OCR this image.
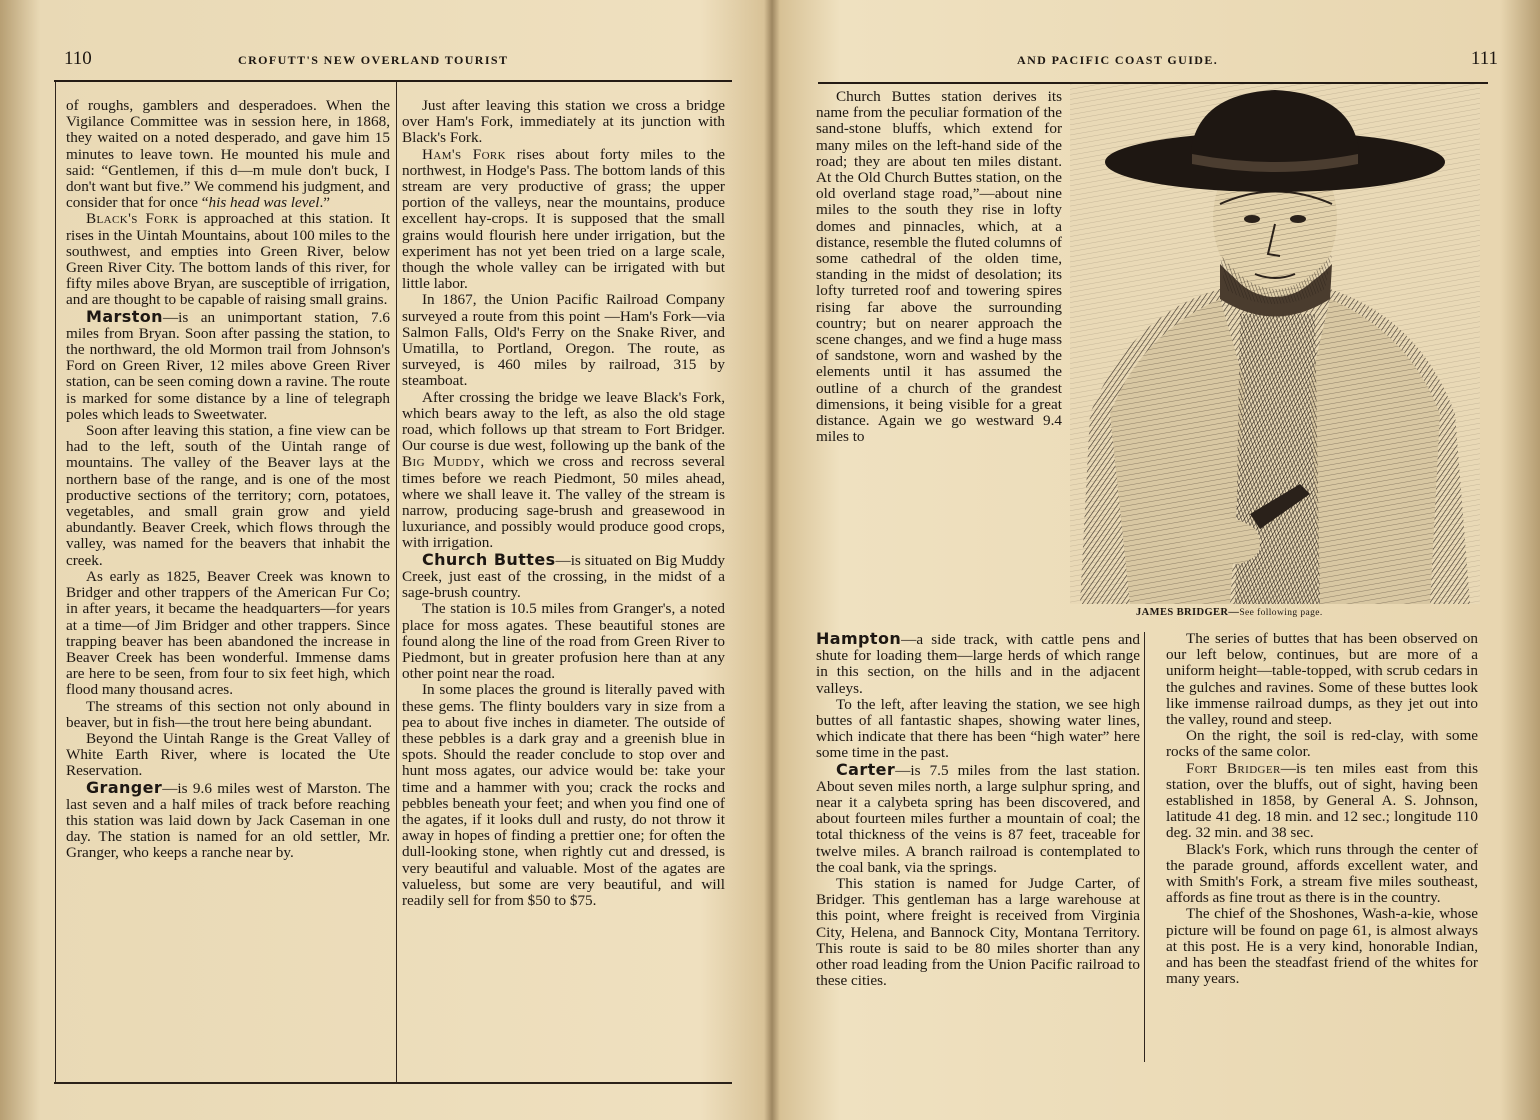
110	CROFUTT'S NEW OVERLAND TOURIST

of roughs, gamblers and desperadoes. When the Vigilance Committee was in session here, in 1868, they waited on a noted desperado, and gave him 15 minutes to leave town. He mounted his mule and said: “Gentlemen, if this d—m mule don't buck, I don't want but five.” We commend his judgment, and consider that for once “his head was level.”

Black's Fork is approached at this station. It rises in the Uintah Mountains, about 100 miles to the southwest, and empties into Green River, below Green River City. The bottom lands of this river, for fifty miles above Bryan, are susceptible of irrigation, and are thought to be capable of raising small grains.

Marston—is an unimportant station, 7.6 miles from Bryan. Soon after passing the station, to the northward, the old Mormon trail from Johnson's Ford on Green River, 12 miles above Green River station, can be seen coming down a ravine. The route is marked for some distance by a line of telegraph poles which leads to Sweetwater.

Soon after leaving this station, a fine view can be had to the left, south of the Uintah range of mountains. The valley of the Beaver lays at the northern base of the range, and is one of the most productive sections of the territory; corn, potatoes, vegetables, and small grain grow and yield abundantly. Beaver Creek, which flows through the valley, was named for the beavers that inhabit the creek.

As early as 1825, Beaver Creek was known to Bridger and other trappers of the American Fur Co; in after years, it became the headquarters—for years at a time—of Jim Bridger and other trappers. Since trapping beaver has been abandoned the increase in Beaver Creek has been wonderful. Immense dams are here to be seen, from four to six feet high, which flood many thousand acres.

The streams of this section not only abound in beaver, but in fish—the trout here being abundant.

Beyond the Uintah Range is the Great Valley of White Earth River, where is located the Ute Reservation.

Granger—is 9.6 miles west of Marston. The last seven and a half miles of track before reaching this station was laid down by Jack Caseman in one day. The station is named for an old settler, Mr. Granger, who keeps a ranche near by.

Just after leaving this station we cross a bridge over Ham's Fork, immediately at its junction with Black's Fork.

Ham's Fork rises about forty miles to the northwest, in Hodge's Pass. The bottom lands of this stream are very productive of grass; the upper portion of the valleys, near the mountains, produce excellent hay-crops. It is supposed that the small grains would flourish here under irrigation, but the experiment has not yet been tried on a large scale, though the whole valley can be irrigated with but little labor.

In 1867, the Union Pacific Railroad Company surveyed a route from this point —Ham's Fork—via Salmon Falls, Old's Ferry on the Snake River, and Umatilla, to Portland, Oregon. The route, as surveyed, is 460 miles by railroad, 315 by steamboat.

After crossing the bridge we leave Black's Fork, which bears away to the left, as also the old stage road, which follows up that stream to Fort Bridger. Our course is due west, following up the bank of the Big Muddy, which we cross and recross several times before we reach Piedmont, 50 miles ahead, where we shall leave it. The valley of the stream is narrow, producing sage-brush and greasewood in luxuriance, and possibly would produce good crops, with irrigation.

Church Buttes—is situated on Big Muddy Creek, just east of the crossing, in the midst of a sage-brush country.

The station is 10.5 miles from Granger's, a noted place for moss agates. These beautiful stones are found along the line of the road from Green River to Piedmont, but in greater profusion here than at any other point near the road.

In some places the ground is literally paved with these gems. The flinty boulders vary in size from a pea to about five inches in diameter. The outside of these pebbles is a dark gray and a greenish blue in spots. Should the reader conclude to stop over and hunt moss agates, our advice would be: take your time and a hammer with you; crack the rocks and pebbles beneath your feet; and when you find one of the agates, if it looks dull and rusty, do not throw it away in hopes of finding a prettier one; for often the dull-looking stone, when rightly cut and dressed, is very beautiful and valuable. Most of the agates are valueless, but some are very beautiful, and will readily sell for from $50 to $75.

AND PACIFIC COAST GUIDE.	111

Church Buttes station derives its name from the peculiar formation of the sand-stone bluffs, which extend for many miles on the left-hand side of the road; they are about ten miles distant. At the Old Church Buttes station, on the old overland stage road,”—about nine miles to the south they rise in lofty domes and pinnacles, which, at a distance, resemble the fluted columns of some cathedral of the olden time, standing in the midst of desolation; its lofty turreted roof and towering spires rising far above the surrounding country; but on nearer approach the scene changes, and we find a huge mass of sandstone, worn and washed by the elements until it has assumed the outline of a church of the grandest dimensions, it being visible for a great distance. Again we go westward 9.4 miles to

JAMES BRIDGER—See following page.

Hampton—a side track, with cattle pens and shute for loading them—large herds of which range in this section, on the hills and in the adjacent valleys.

To the left, after leaving the station, we see high buttes of all fantastic shapes, showing water lines, which indicate that there has been “high water” here some time in the past.

Carter—is 7.5 miles from the last station. About seven miles north, a large sulphur spring, and near it a calybeta spring has been discovered, and about fourteen miles further a mountain of coal; the total thickness of the veins is 87 feet, traceable for twelve miles. A branch railroad is contemplated to the coal bank, via the springs.

This station is named for Judge Carter, of Bridger. This gentleman has a large warehouse at this point, where freight is received from Virginia City, Helena, and Bannock City, Montana Territory. This route is said to be 80 miles shorter than any other road leading from the Union Pacific railroad to these cities.

The series of buttes that has been observed on our left below, continues, but are more of a uniform height—table-topped, with scrub cedars in the gulches and ravines. Some of these buttes look like immense railroad dumps, as they jet out into the valley, round and steep.

On the right, the soil is red-clay, with some rocks of the same color.

Fort Bridger—is ten miles east from this station, over the bluffs, out of sight, having been established in 1858, by General A. S. Johnson, latitude 41 deg. 18 min. and 12 sec.; longitude 110 deg. 32 min. and 38 sec.

Black's Fork, which runs through the center of the parade ground, affords excellent water, and with Smith's Fork, a stream five miles southeast, affords as fine trout as there is in the country.

The chief of the Shoshones, Wash-a-kie, whose picture will be found on page 61, is almost always at this post. He is a very kind, honorable Indian, and has been the steadfast friend of the whites for many years.
